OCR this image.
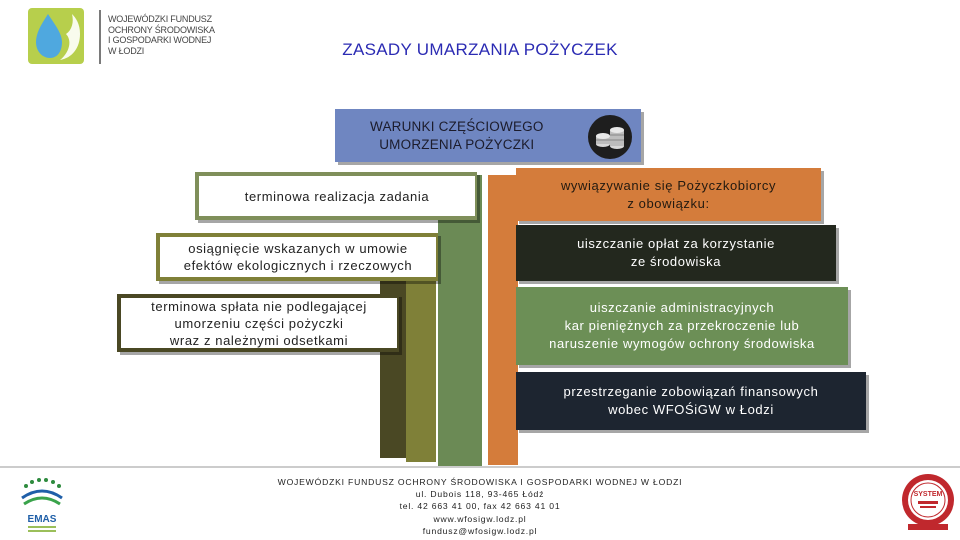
WOJEWÓDZKI FUNDUSZ
OCHRONY ŚRODOWISKA
I GOSPODARKI WODNEJ
W ŁODZI	ZASADY UMARZANIA POŻYCZEK
WARUNKI CZĘŚCIOWEGO
UMORZENIA POŻYCZKI
terminowa realizacja zadania
osiągnięcie wskazanych w umowie
efektów ekologicznych i rzeczowych
terminowa spłata nie podlegającej
umorzeniu części pożyczki
wraz z należnymi odsetkami
wywiązywanie się Pożyczkobiorcy
z obowiązku:
uiszczanie opłat za korzystanie
ze środowiska
uiszczanie administracyjnych
kar pieniężnych za przekroczenie lub
naruszenie wymogów ochrony środowiska
przestrzeganie zobowiązań finansowych
wobec WFOŚiGW w Łodzi
EMAS
WOJEWÓDZKI FUNDUSZ OCHRONY ŚRODOWISKA I GOSPODARKI WODNEJ W ŁODZI
ul. Dubois 118, 93-465 Łódź
tel. 42 663 41 00, fax 42 663 41 01
www.wfosigw.lodz.pl
fundusz@wfosigw.lodz.pl
SYSTEM
